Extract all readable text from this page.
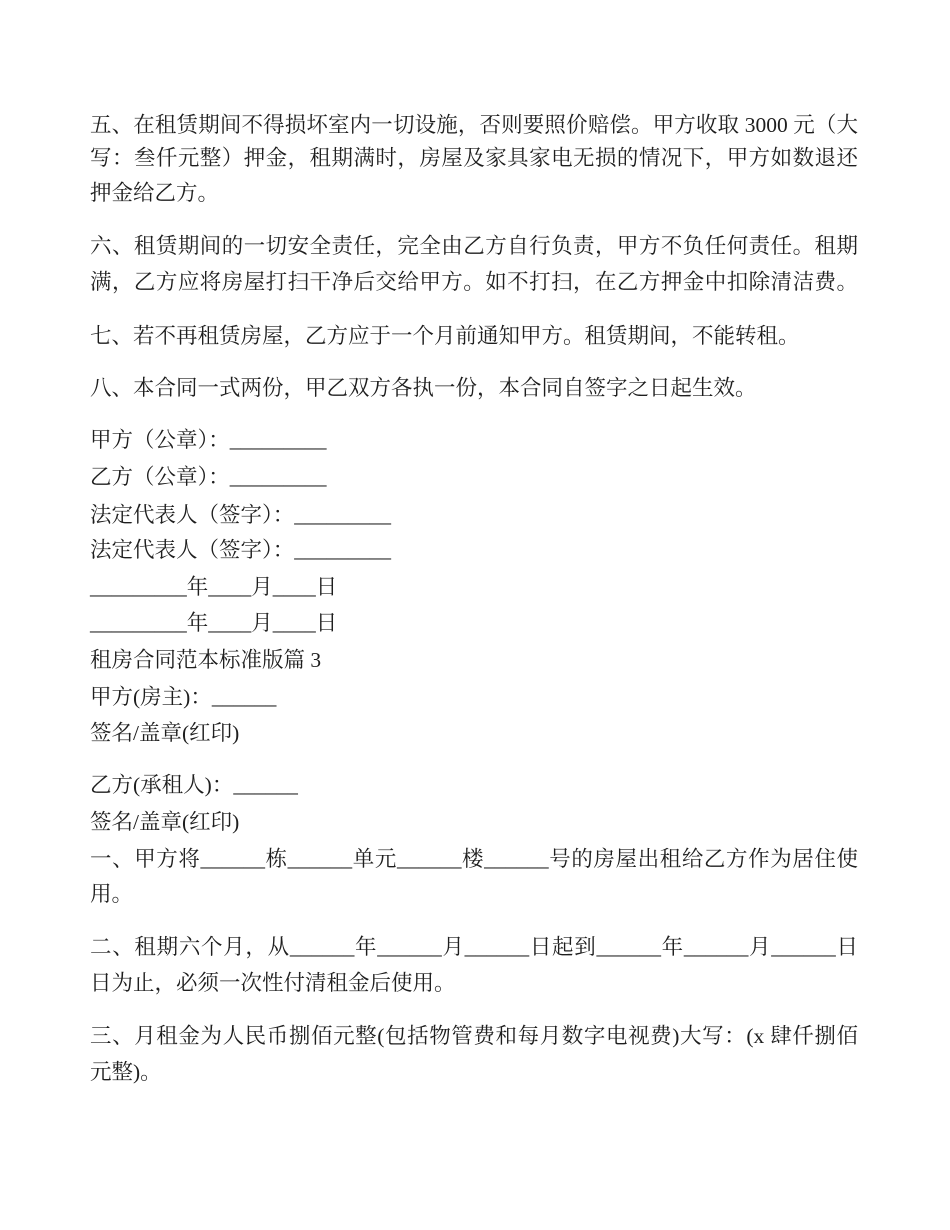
五、在租赁期间不得损坏室内一切设施，否则要照价赔偿。甲方收取 3000 元（大
写：叁仟元整）押金，租期满时，房屋及家具家电无损的情况下，甲方如数退还
押金给乙方。
六、租赁期间的一切安全责任，完全由乙方自行负责，甲方不负任何责任。租期
满，乙方应将房屋打扫干净后交给甲方。如不打扫，在乙方押金中扣除清洁费。
七、若不再租赁房屋，乙方应于一个月前通知甲方。租赁期间，不能转租。
八、本合同一式两份，甲乙双方各执一份，本合同自签字之日起生效。
甲方（公章）：_________
乙方（公章）：_________
法定代表人（签字）：_________
法定代表人（签字）：_________
_________年____月____日
_________年____月____日
租房合同范本标准版篇 3
甲方(房主)：______
签名/盖章(红印)
乙方(承租人)：______
签名/盖章(红印)
一、甲方将______栋______单元______楼______号的房屋出租给乙方作为居住使
用。
二、租期六个月，从______年______月______日起到______年______月______日
日为止，必须一次性付清租金后使用。
三、月租金为人民币捌佰元整(包括物管费和每月数字电视费)大写：(x 肆仟捌佰
元整)。
